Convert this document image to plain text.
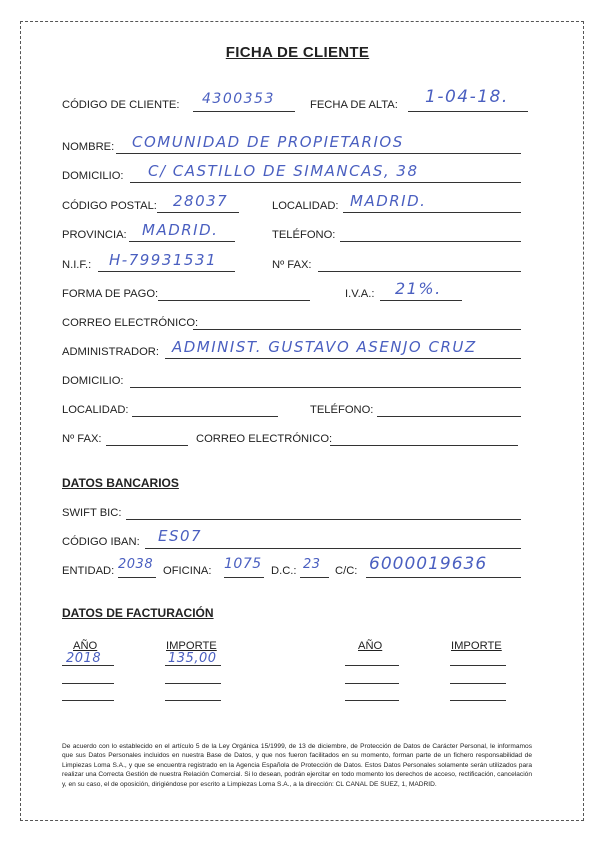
FICHA DE CLIENTE
CÓDIGO DE CLIENTE: 4300353	FECHA DE ALTA: 1-04-18.
NOMBRE: COMUNIDAD DE PROPIETARIOS
DOMICILIO: C/ CASTILLO DE SIMANCAS, 38
CÓDIGO POSTAL: 28037	LOCALIDAD: MADRID.
PROVINCIA: MADRID.	TELÉFONO:
N.I.F.: H-79931531	Nº FAX:
FORMA DE PAGO:	I.V.A.: 21%.
CORREO ELECTRÓNICO:
ADMINISTRADOR: ADMINIST. GUSTAVO ASENJO CRUZ
DOMICILIO:
LOCALIDAD:	TELÉFONO:
Nº FAX:	CORREO ELECTRÓNICO:
DATOS BANCARIOS
SWIFT BIC:
CÓDIGO IBAN: ES07
ENTIDAD: 2038 OFICINA: 1075 D.C.: 23 C/C: 6000019636
DATOS DE FACTURACIÓN
AÑO	IMPORTE	AÑO	IMPORTE
2018	135,00
De acuerdo con lo establecido en el artículo 5 de la Ley Orgánica 15/1999, de 13 de diciembre, de Protección de Datos de Carácter Personal, le informamos que sus Datos Personales incluidos en nuestra Base de Datos, y que nos fueron facilitados en su momento, forman parte de un fichero responsabilidad de Limpiezas Loma S.A., y que se encuentra registrado en la Agencia Española de Protección de Datos. Estos Datos Personales solamente serán utilizados para realizar una Correcta Gestión de nuestra Relación Comercial. Si lo desean, podrán ejercitar en todo momento los derechos de acceso, rectificación, cancelación y, en su caso, el de oposición, dirigiéndose por escrito a Limpiezas Loma S.A., a la dirección: CL CANAL DE SUEZ, 1, MADRID.
